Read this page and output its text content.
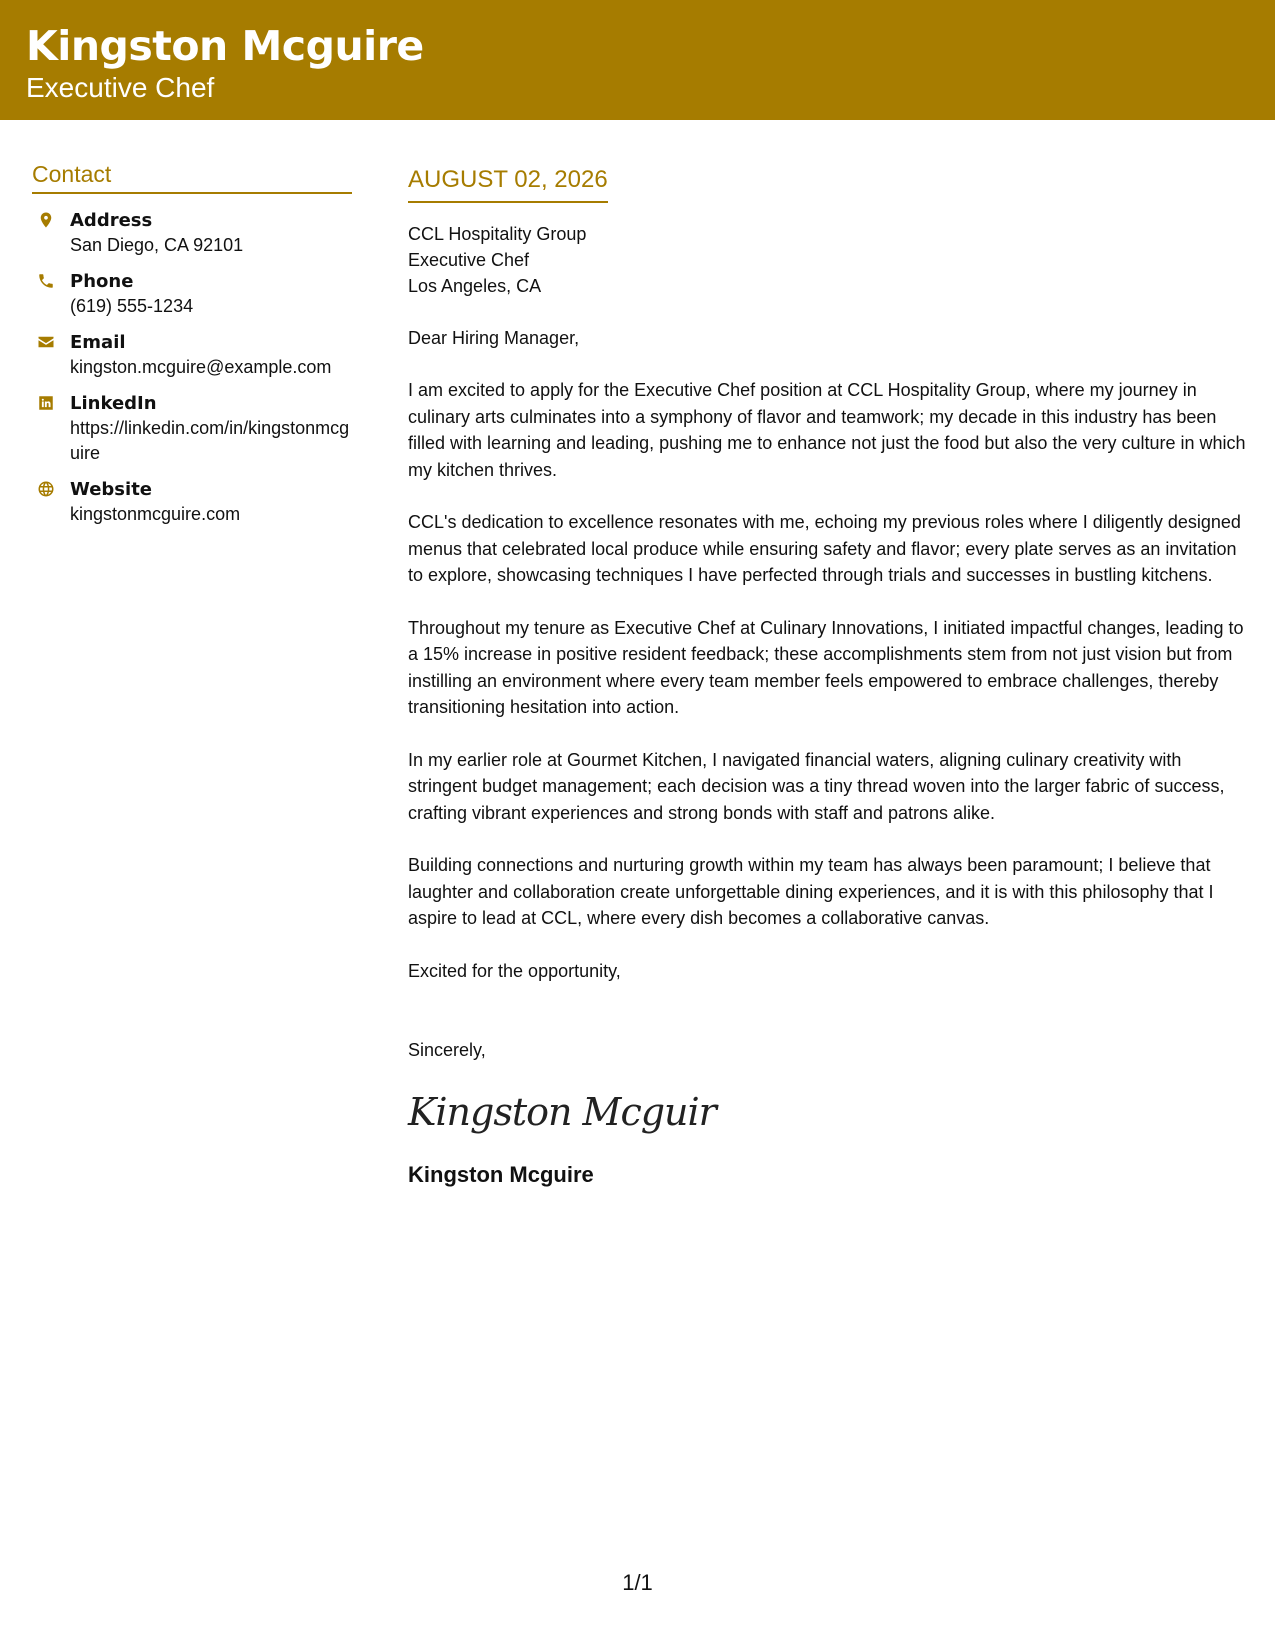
Kingston Mcguire
Executive Chef
Contact
Address
San Diego, CA 92101
Phone
(619) 555-1234
Email
kingston.mcguire@example.com
LinkedIn
https://linkedin.com/in/kingstonmcguire
Website
kingstonmcguire.com
AUGUST 02, 2026
CCL Hospitality Group
Executive Chef
Los Angeles, CA
Dear Hiring Manager,

I am excited to apply for the Executive Chef position at CCL Hospitality Group, where my journey in culinary arts culminates into a symphony of flavor and teamwork; my decade in this industry has been filled with learning and leading, pushing me to enhance not just the food but also the very culture in which my kitchen thrives.

CCL's dedication to excellence resonates with me, echoing my previous roles where I diligently designed menus that celebrated local produce while ensuring safety and flavor; every plate serves as an invitation to explore, showcasing techniques I have perfected through trials and successes in bustling kitchens.

Throughout my tenure as Executive Chef at Culinary Innovations, I initiated impactful changes, leading to a 15% increase in positive resident feedback; these accomplishments stem from not just vision but from instilling an environment where every team member feels empowered to embrace challenges, thereby transitioning hesitation into action.

In my earlier role at Gourmet Kitchen, I navigated financial waters, aligning culinary creativity with stringent budget management; each decision was a tiny thread woven into the larger fabric of success, crafting vibrant experiences and strong bonds with staff and patrons alike.

Building connections and nurturing growth within my team has always been paramount; I believe that laughter and collaboration create unforgettable dining experiences, and it is with this philosophy that I aspire to lead at CCL, where every dish becomes a collaborative canvas.

Excited for the opportunity,
Sincerely,
Kingston Mcguir
Kingston Mcguire
1/1
